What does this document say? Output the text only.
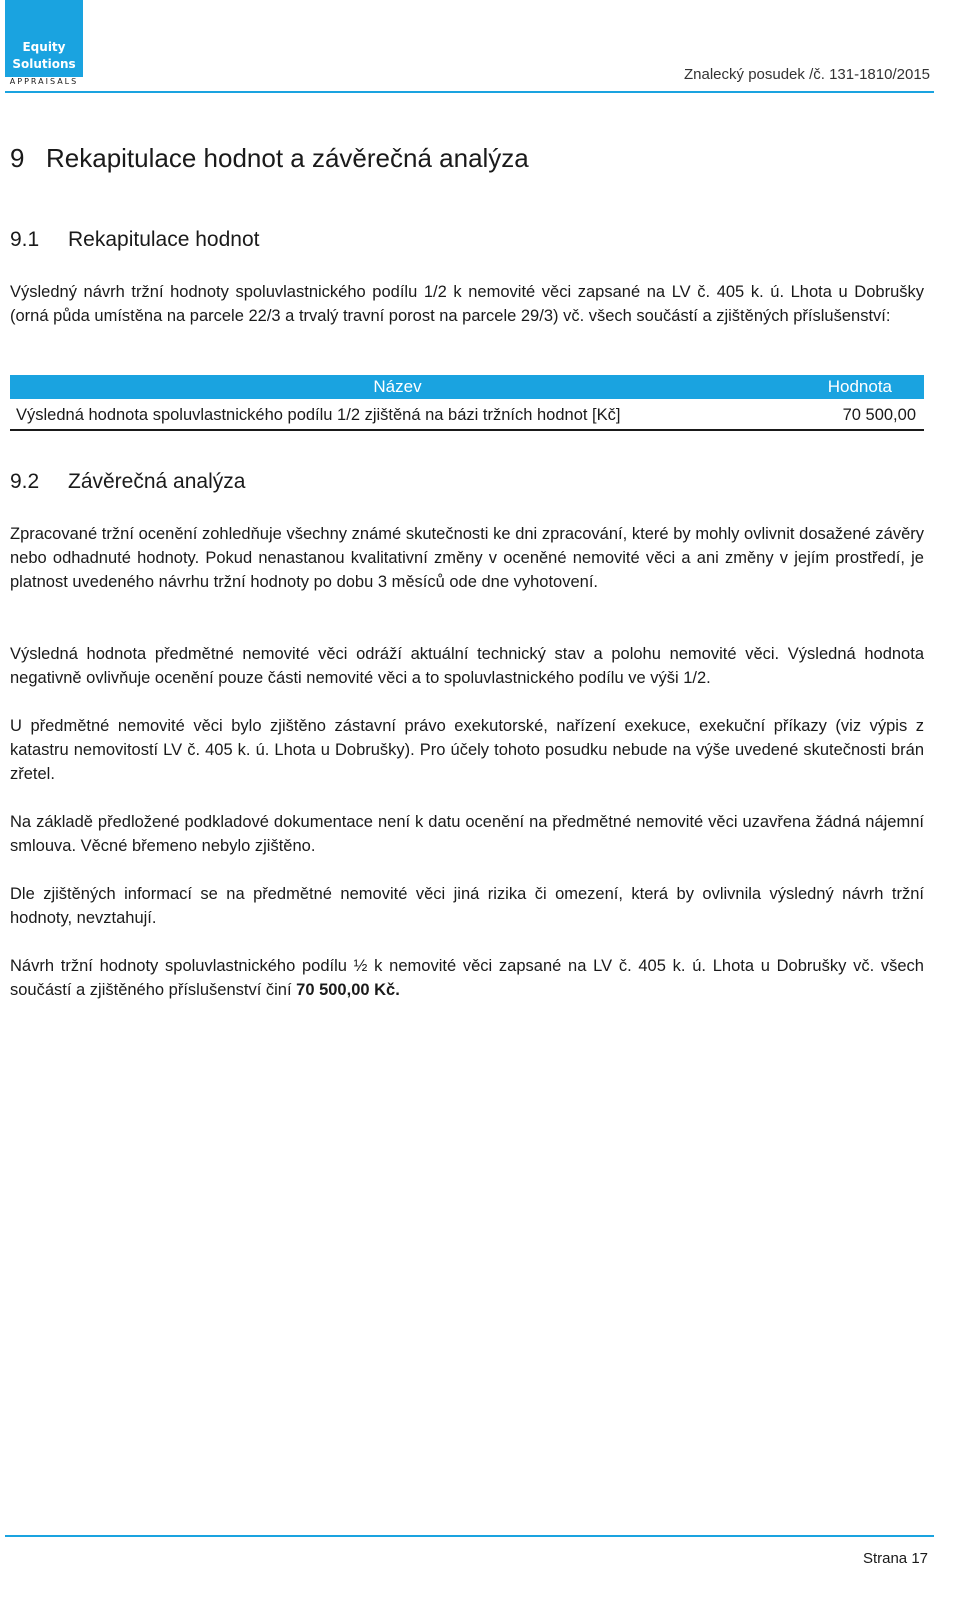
Equity
Solutions
APPRAISALS	Znalecký posudek /č. 131-1810/2015
9 Rekapitulace hodnot a závěrečná analýza
9.1 Rekapitulace hodnot

Výsledný návrh tržní hodnoty spoluvlastnického podílu 1/2 k nemovité věci zapsané na LV č. 405 k. ú. Lhota u Dobrušky (orná půda umístěna na parcele 22/3 a trvalý travní porost na parcele 29/3) vč. všech součástí a zjištěných příslušenství:

Název	Hodnota
Výsledná hodnota spoluvlastnického podílu 1/2 zjištěná na bázi tržních hodnot [Kč]	70 500,00
9.2 Závěrečná analýza

Zpracované tržní ocenění zohledňuje všechny známé skutečnosti ke dni zpracování, které by mohly ovlivnit dosažené závěry nebo odhadnuté hodnoty. Pokud nenastanou kvalitativní změny v oceněné nemovité věci a ani změny v jejím prostředí, je platnost uvedeného návrhu tržní hodnoty po dobu 3 měsíců ode dne vyhotovení.

Výsledná hodnota předmětné nemovité věci odráží aktuální technický stav a polohu nemovité věci. Výsledná hodnota negativně ovlivňuje ocenění pouze části nemovité věci a to spoluvlastnického podílu ve výši 1/2.

U předmětné nemovité věci bylo zjištěno zástavní právo exekutorské, nařízení exekuce, exekuční příkazy (viz výpis z katastru nemovitostí LV č. 405 k. ú. Lhota u Dobrušky). Pro účely tohoto posudku nebude na výše uvedené skutečnosti brán zřetel.

Na základě předložené podkladové dokumentace není k datu ocenění na předmětné nemovité věci uzavřena žádná nájemní smlouva. Věcné břemeno nebylo zjištěno.

Dle zjištěných informací se na předmětné nemovité věci jiná rizika či omezení, která by ovlivnila výsledný návrh tržní hodnoty, nevztahují.

Návrh tržní hodnoty spoluvlastnického podílu ½ k nemovité věci zapsané na LV č. 405 k. ú. Lhota u Dobrušky vč. všech součástí a zjištěného příslušenství činí 70 500,00 Kč.

Strana 17
